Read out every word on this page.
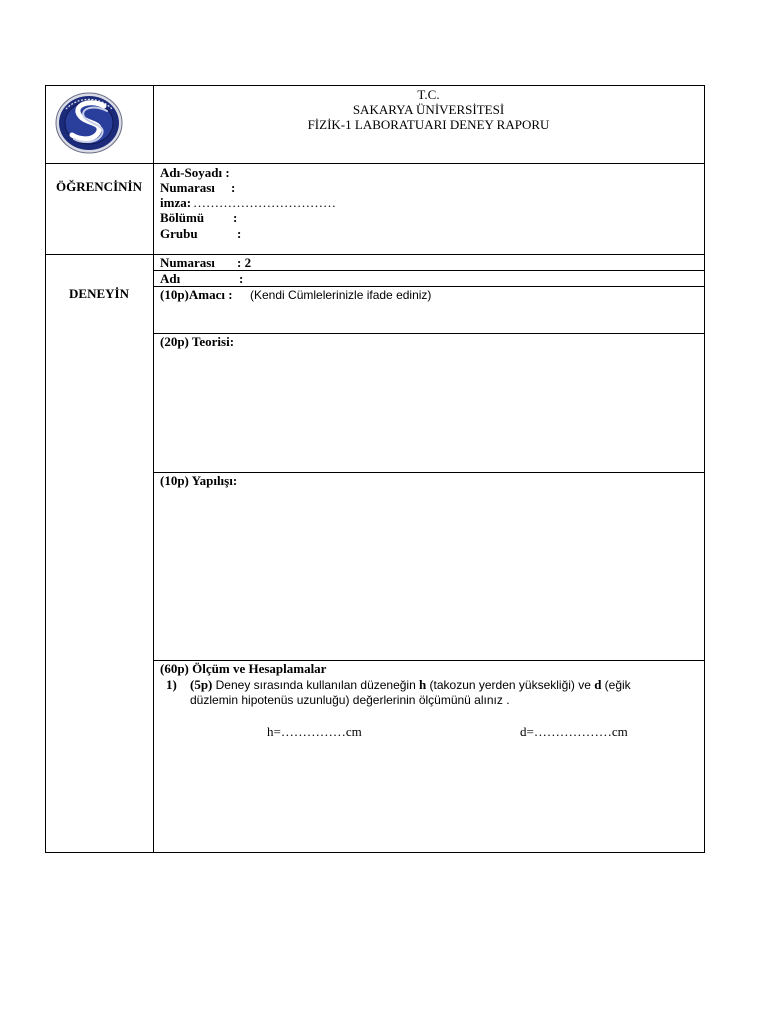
T.C.
SAKARYA ÜNİVERSİTESİ
FİZİK-1 LABORATUARI DENEY RAPORU
ÖĞRENCİNİN
Adı-Soyadı :
Numarası :
imza: ……………………………
Bölümü :
Grubu	:
DENEYİN
Numarası : 2
Adı	:
(10p)Amacı : (Kendi Cümlelerinizle ifade ediniz)
(20p) Teorisi:
(10p) Yapılışı:
(60p) Ölçüm ve Hesaplamalar
1) (5p) Deney sırasında kullanılan düzeneğin h (takozun yerden yüksekliği) ve d (eğik
düzlemin hipotenüs uzunluğu) değerlerinin ölçümünü alınız .
h=……………cm	d=………………cm
